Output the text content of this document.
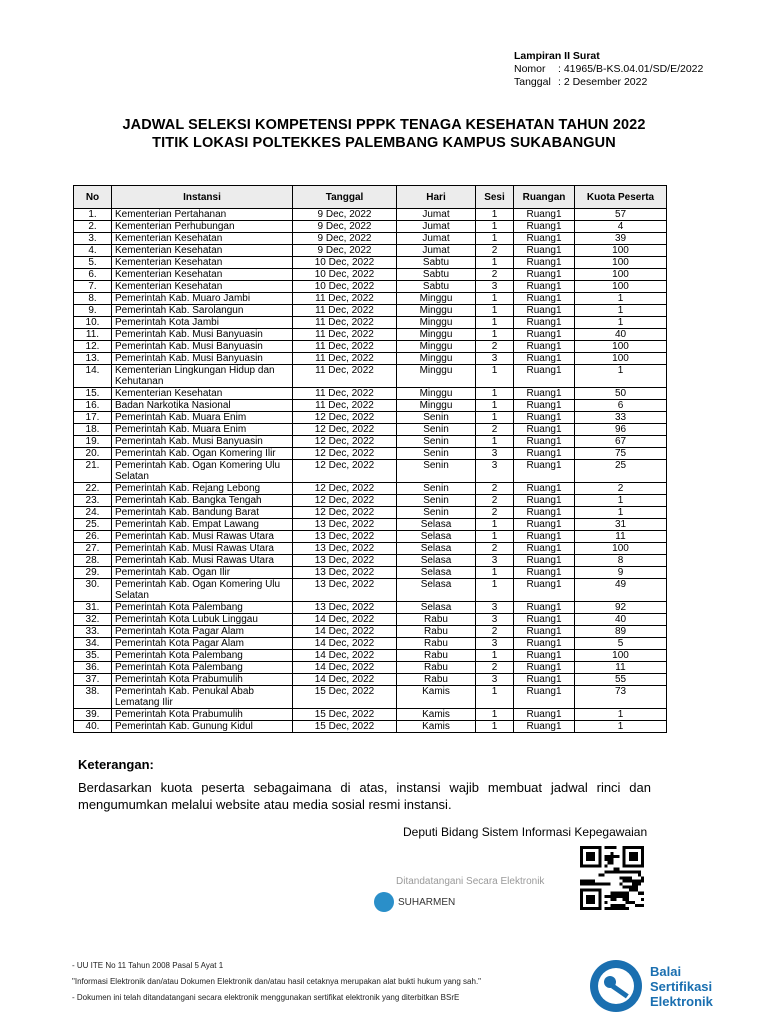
Lampiran II Surat
Nomor	: 41965/B-KS.04.01/SD/E/2022
Tanggal : 2 Desember 2022
JADWAL SELEKSI KOMPETENSI PPPK TENAGA KESEHATAN TAHUN 2022
TITIK LOKASI POLTEKKES PALEMBANG KAMPUS SUKABANGUN
No	Instansi	Tanggal	Hari	Sesi	Ruangan	Kuota Peserta
1.	Kementerian Pertahanan	9 Dec, 2022	Jumat	1	Ruang1	57
2.	Kementerian Perhubungan	9 Dec, 2022	Jumat	1	Ruang1	4
3.	Kementerian Kesehatan	9 Dec, 2022	Jumat	1	Ruang1	39
4.	Kementerian Kesehatan	9 Dec, 2022	Jumat	2	Ruang1	100
5.	Kementerian Kesehatan	10 Dec, 2022	Sabtu	1	Ruang1	100
6.	Kementerian Kesehatan	10 Dec, 2022	Sabtu	2	Ruang1	100
7.	Kementerian Kesehatan	10 Dec, 2022	Sabtu	3	Ruang1	100
8.	Pemerintah Kab. Muaro Jambi	11 Dec, 2022	Minggu	1	Ruang1	1
9.	Pemerintah Kab. Sarolangun	11 Dec, 2022	Minggu	1	Ruang1	1
10.	Pemerintah Kota Jambi	11 Dec, 2022	Minggu	1	Ruang1	1
11.	Pemerintah Kab. Musi Banyuasin	11 Dec, 2022	Minggu	1	Ruang1	40
12.	Pemerintah Kab. Musi Banyuasin	11 Dec, 2022	Minggu	2	Ruang1	100
13.	Pemerintah Kab. Musi Banyuasin	11 Dec, 2022	Minggu	3	Ruang1	100
14.	Kementerian Lingkungan Hidup dan Kehutanan	11 Dec, 2022	Minggu	1	Ruang1	1
15.	Kementerian Kesehatan	11 Dec, 2022	Minggu	1	Ruang1	50
16.	Badan Narkotika Nasional	11 Dec, 2022	Minggu	1	Ruang1	6
17.	Pemerintah Kab. Muara Enim	12 Dec, 2022	Senin	1	Ruang1	33
18.	Pemerintah Kab. Muara Enim	12 Dec, 2022	Senin	2	Ruang1	96
19.	Pemerintah Kab. Musi Banyuasin	12 Dec, 2022	Senin	1	Ruang1	67
20.	Pemerintah Kab. Ogan Komering Ilir	12 Dec, 2022	Senin	3	Ruang1	75
21.	Pemerintah Kab. Ogan Komering Ulu Selatan	12 Dec, 2022	Senin	3	Ruang1	25
22.	Pemerintah Kab. Rejang Lebong	12 Dec, 2022	Senin	2	Ruang1	2
23.	Pemerintah Kab. Bangka Tengah	12 Dec, 2022	Senin	2	Ruang1	1
24.	Pemerintah Kab. Bandung Barat	12 Dec, 2022	Senin	2	Ruang1	1
25.	Pemerintah Kab. Empat Lawang	13 Dec, 2022	Selasa	1	Ruang1	31
26.	Pemerintah Kab. Musi Rawas Utara	13 Dec, 2022	Selasa	1	Ruang1	11
27.	Pemerintah Kab. Musi Rawas Utara	13 Dec, 2022	Selasa	2	Ruang1	100
28.	Pemerintah Kab. Musi Rawas Utara	13 Dec, 2022	Selasa	3	Ruang1	8
29.	Pemerintah Kab. Ogan Ilir	13 Dec, 2022	Selasa	1	Ruang1	9
30.	Pemerintah Kab. Ogan Komering Ulu Selatan	13 Dec, 2022	Selasa	1	Ruang1	49
31.	Pemerintah Kota Palembang	13 Dec, 2022	Selasa	3	Ruang1	92
32.	Pemerintah Kota Lubuk Linggau	14 Dec, 2022	Rabu	3	Ruang1	40
33.	Pemerintah Kota Pagar Alam	14 Dec, 2022	Rabu	2	Ruang1	89
34.	Pemerintah Kota Pagar Alam	14 Dec, 2022	Rabu	3	Ruang1	5
35.	Pemerintah Kota Palembang	14 Dec, 2022	Rabu	1	Ruang1	100
36.	Pemerintah Kota Palembang	14 Dec, 2022	Rabu	2	Ruang1	11
37.	Pemerintah Kota Prabumulih	14 Dec, 2022	Rabu	3	Ruang1	55
38.	Pemerintah Kab. Penukal Abab Lematang Ilir	15 Dec, 2022	Kamis	1	Ruang1	73
39.	Pemerintah Kota Prabumulih	15 Dec, 2022	Kamis	1	Ruang1	1
40.	Pemerintah Kab. Gunung Kidul	15 Dec, 2022	Kamis	1	Ruang1	1
Keterangan:
Berdasarkan kuota peserta sebagaimana di atas, instansi wajib membuat jadwal rinci dan mengumumkan melalui website atau media sosial resmi instansi.
Deputi Bidang Sistem Informasi Kepegawaian
Ditandatangani Secara Elektronik
SUHARMEN
- UU ITE No 11 Tahun 2008 Pasal 5 Ayat 1
"Informasi Elektronik dan/atau Dokumen Elektronik dan/atau hasil cetaknya merupakan alat bukti hukum yang sah."
- Dokumen ini telah ditandatangani secara elektronik menggunakan sertifikat elektronik yang diterbitkan BSrE
Balai
Sertifikasi
Elektronik
